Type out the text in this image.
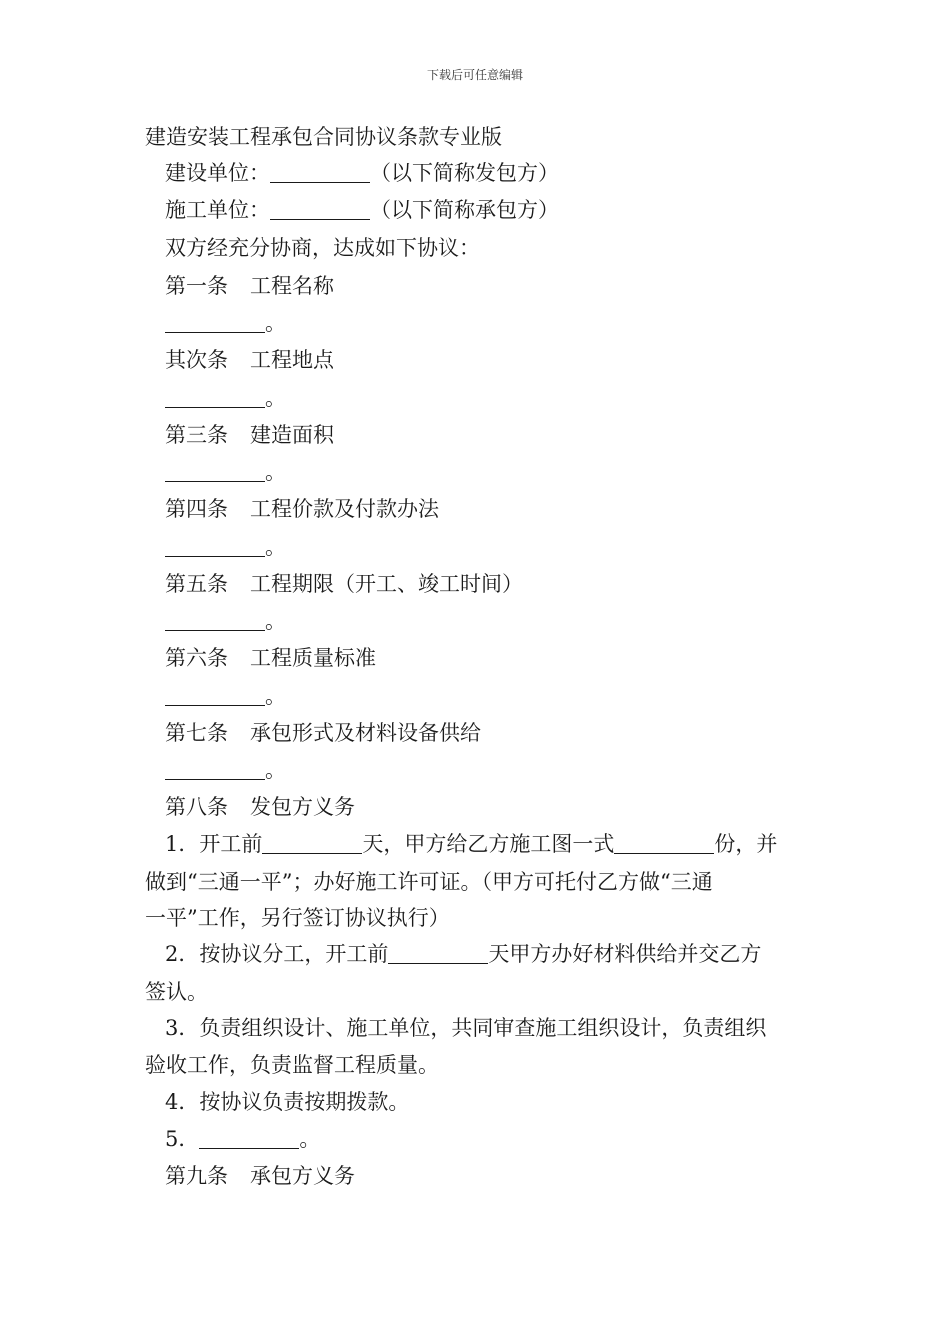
下载后可任意编辑
建造安装工程承包合同协议条款专业版
建设单位：	（以下简称发包方）
施工单位：	（以下简称承包方）
双方经充分协商，达成如下协议：
第一条 工程名称
。
其次条 工程地点
。
第三条 建造面积
。
第四条 工程价款及付款办法
。
第五条 工程期限（开工、竣工时间）
。
第六条 工程质量标准
。
第七条 承包形式及材料设备供给
。
第八条 发包方义务
1．开工前	天，甲方给乙方施工图一式	份，并
做到“三通一平”；办好施工许可证。（甲方可托付乙方做“三通
一平”工作，另行签订协议执行）
2．按协议分工，开工前	天甲方办好材料供给并交乙方
签认。
3．负责组织设计、施工单位，共同审查施工组织设计，负责组织
验收工作，负责监督工程质量。
4．按协议负责按期拨款。
5．	。
第九条 承包方义务
